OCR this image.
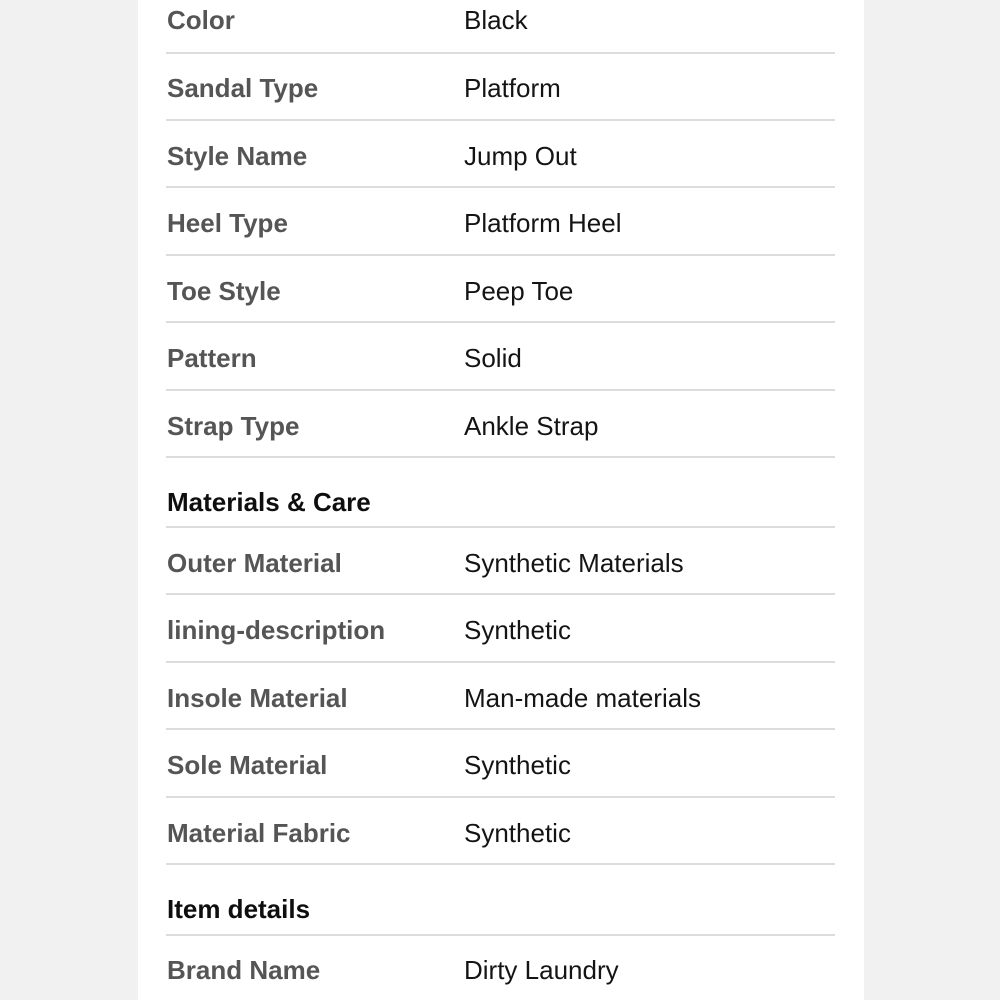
Color	Black
Sandal Type	Platform
Style Name	Jump Out
Heel Type	Platform Heel
Toe Style	Peep Toe
Pattern	Solid
Strap Type	Ankle Strap
Materials & Care
Outer Material	Synthetic Materials
lining-description	Synthetic
Insole Material	Man-made materials
Sole Material	Synthetic
Material Fabric	Synthetic
Item details
Brand Name	Dirty Laundry
